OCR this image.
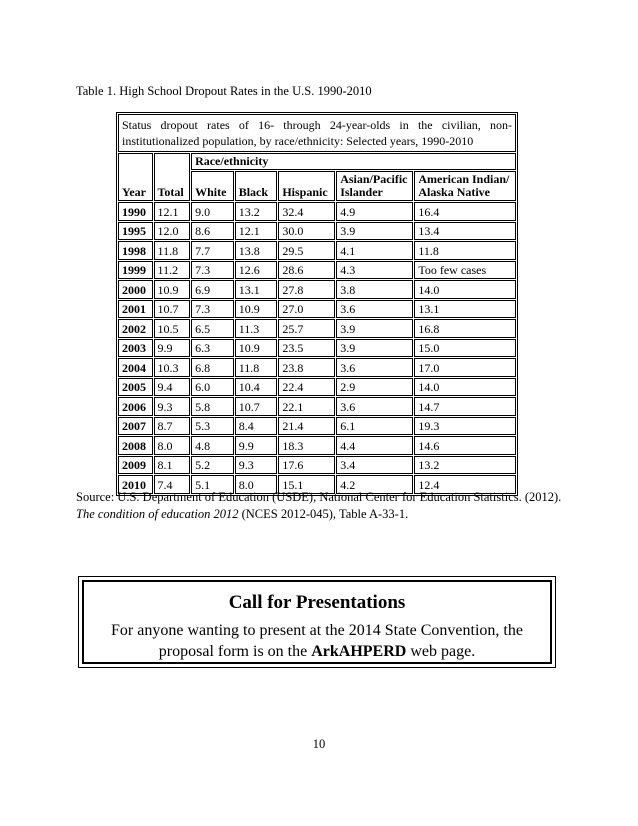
Table 1. High School Dropout Rates in the U.S. 1990-2010
Status dropout rates of 16- through 24-year-olds in the civilian, non-institutionalized population, by race/ethnicity: Selected years, 1990-2010						
Year	Total	Race/ethnicity				
		White	Black	Hispanic	Asian/Pacific Islander	American Indian/ Alaska Native
1990	12.1	9.0	13.2	32.4	4.9	16.4
1995	12.0	8.6	12.1	30.0	3.9	13.4
1998	11.8	7.7	13.8	29.5	4.1	11.8
1999	11.2	7.3	12.6	28.6	4.3	Too few cases
2000	10.9	6.9	13.1	27.8	3.8	14.0
2001	10.7	7.3	10.9	27.0	3.6	13.1
2002	10.5	6.5	11.3	25.7	3.9	16.8
2003	9.9	6.3	10.9	23.5	3.9	15.0
2004	10.3	6.8	11.8	23.8	3.6	17.0
2005	9.4	6.0	10.4	22.4	2.9	14.0
2006	9.3	5.8	10.7	22.1	3.6	14.7
2007	8.7	5.3	8.4	21.4	6.1	19.3
2008	8.0	4.8	9.9	18.3	4.4	14.6
2009	8.1	5.2	9.3	17.6	3.4	13.2
2010	7.4	5.1	8.0	15.1	4.2	12.4
Source: U.S. Department of Education (USDE), National Center for Education Statistics. (2012).
The condition of education 2012 (NCES 2012-045), Table A-33-1.
Call for Presentations
For anyone wanting to present at the 2014 State Convention, the proposal form is on the ArkAHPERD web page.
10
